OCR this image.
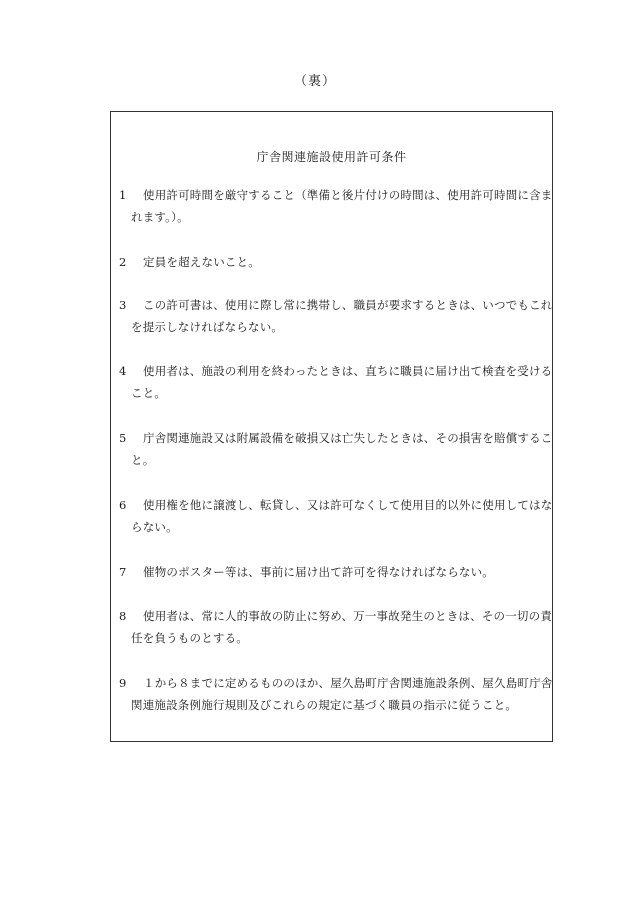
（裏）
庁舎関連施設使用許可条件
1 使用許可時間を厳守すること（準備と後片付けの時間は、使用許可時間に含ま
れます。）。
2 定員を超えないこと。
3 この許可書は、使用に際し常に携帯し、職員が要求するときは、いつでもこれ
を提示しなければならない。
4 使用者は、施設の利用を終わったときは、直ちに職員に届け出て検査を受ける
こと。
5 庁舎関連施設又は附属設備を破損又は亡失したときは、その損害を賠償するこ
と。
6 使用権を他に譲渡し、転貸し、又は許可なくして使用目的以外に使用してはな
らない。
7 催物のポスター等は、事前に届け出て許可を得なければならない。
8 使用者は、常に人的事故の防止に努め、万一事故発生のときは、その一切の責
任を負うものとする。
9 １から８までに定めるもののほか、屋久島町庁舎関連施設条例、屋久島町庁舎
関連施設条例施行規則及びこれらの規定に基づく職員の指示に従うこと。
